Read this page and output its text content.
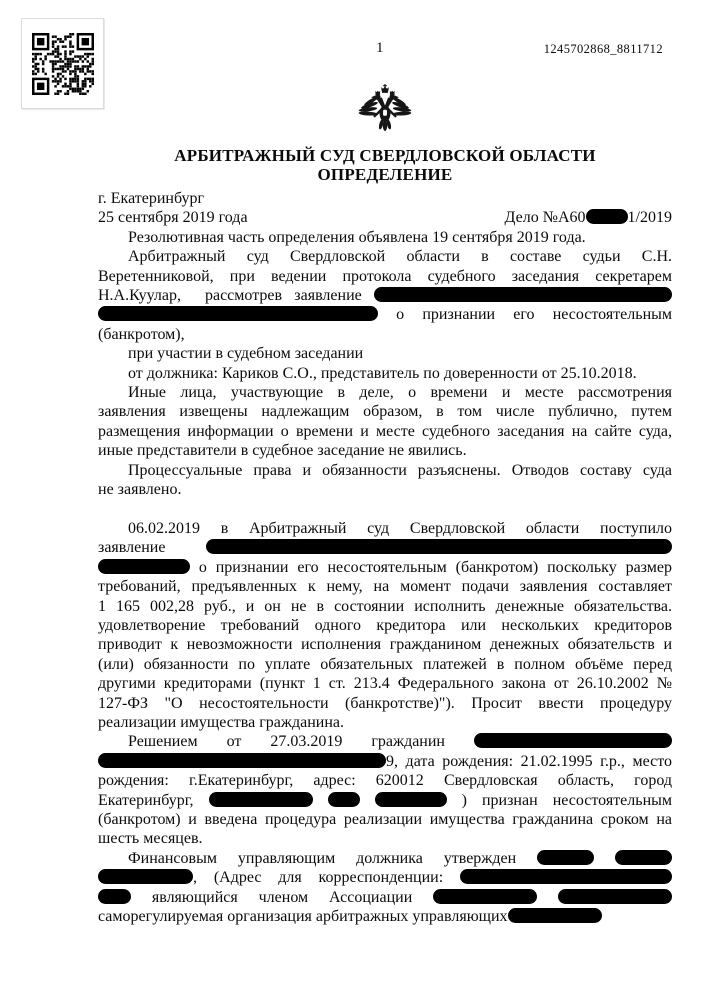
1	1245702868_8811712
АРБИТРАЖНЫЙ СУД СВЕРДЛОВСКОЙ ОБЛАСТИ
ОПРЕДЕЛЕНИЕ
г. Екатеринбург
25 сентября 2019 года	Дело №А60	1/2019
Резолютивная часть определения объявлена 19 сентября 2019 года.
Арбитражный суд Свердловской области в составе судьи С.Н.
Веретенниковой, при ведении протокола судебного заседания секретарем
Н.А.Куулар, рассмотрев заявление
о признании его несостоятельным
(банкротом),
при участии в судебном заседании
от должника: Кариков С.О., представитель по доверенности от 25.10.2018.
Иные лица, участвующие в деле, о времени и месте рассмотрения
заявления извещены надлежащим образом, в том числе публично, путем
размещения информации о времени и месте судебного заседания на сайте суда,
иные представители в судебное заседание не явились.
Процессуальные права и обязанности разъяснены. Отводов составу суда
не заявлено.

06.02.2019 в Арбитражный суд Свердловской области поступило
заявление
о признании его несостоятельным (банкротом) поскольку размер
требований, предъявленных к нему, на момент подачи заявления составляет
1 165 002,28 руб., и он не в состоянии исполнить денежные обязательства.
удовлетворение требований одного кредитора или нескольких кредиторов
приводит к невозможности исполнения гражданином денежных обязательств и
(или) обязанности по уплате обязательных платежей в полном объёме перед
другими кредиторами (пункт 1 ст. 213.4 Федерального закона от 26.10.2002 №
127-ФЗ "О несостоятельности (банкротстве)"). Просит ввести процедуру
реализации имущества гражданина.
Решением от 27.03.2019 гражданин
9, дата рождения: 21.02.1995 г.р., место
рождения: г.Екатеринбург, адрес: 620012 Свердловская область, город
Екатеринбург,	) признан несостоятельным
(банкротом) и введена процедура реализации имущества гражданина сроком на
шесть месяцев.
Финансовым управляющим должника утвержден
, (Адрес для корреспонденции:
являющийся членом Ассоциации
саморегулируемая организация арбитражных управляющих
